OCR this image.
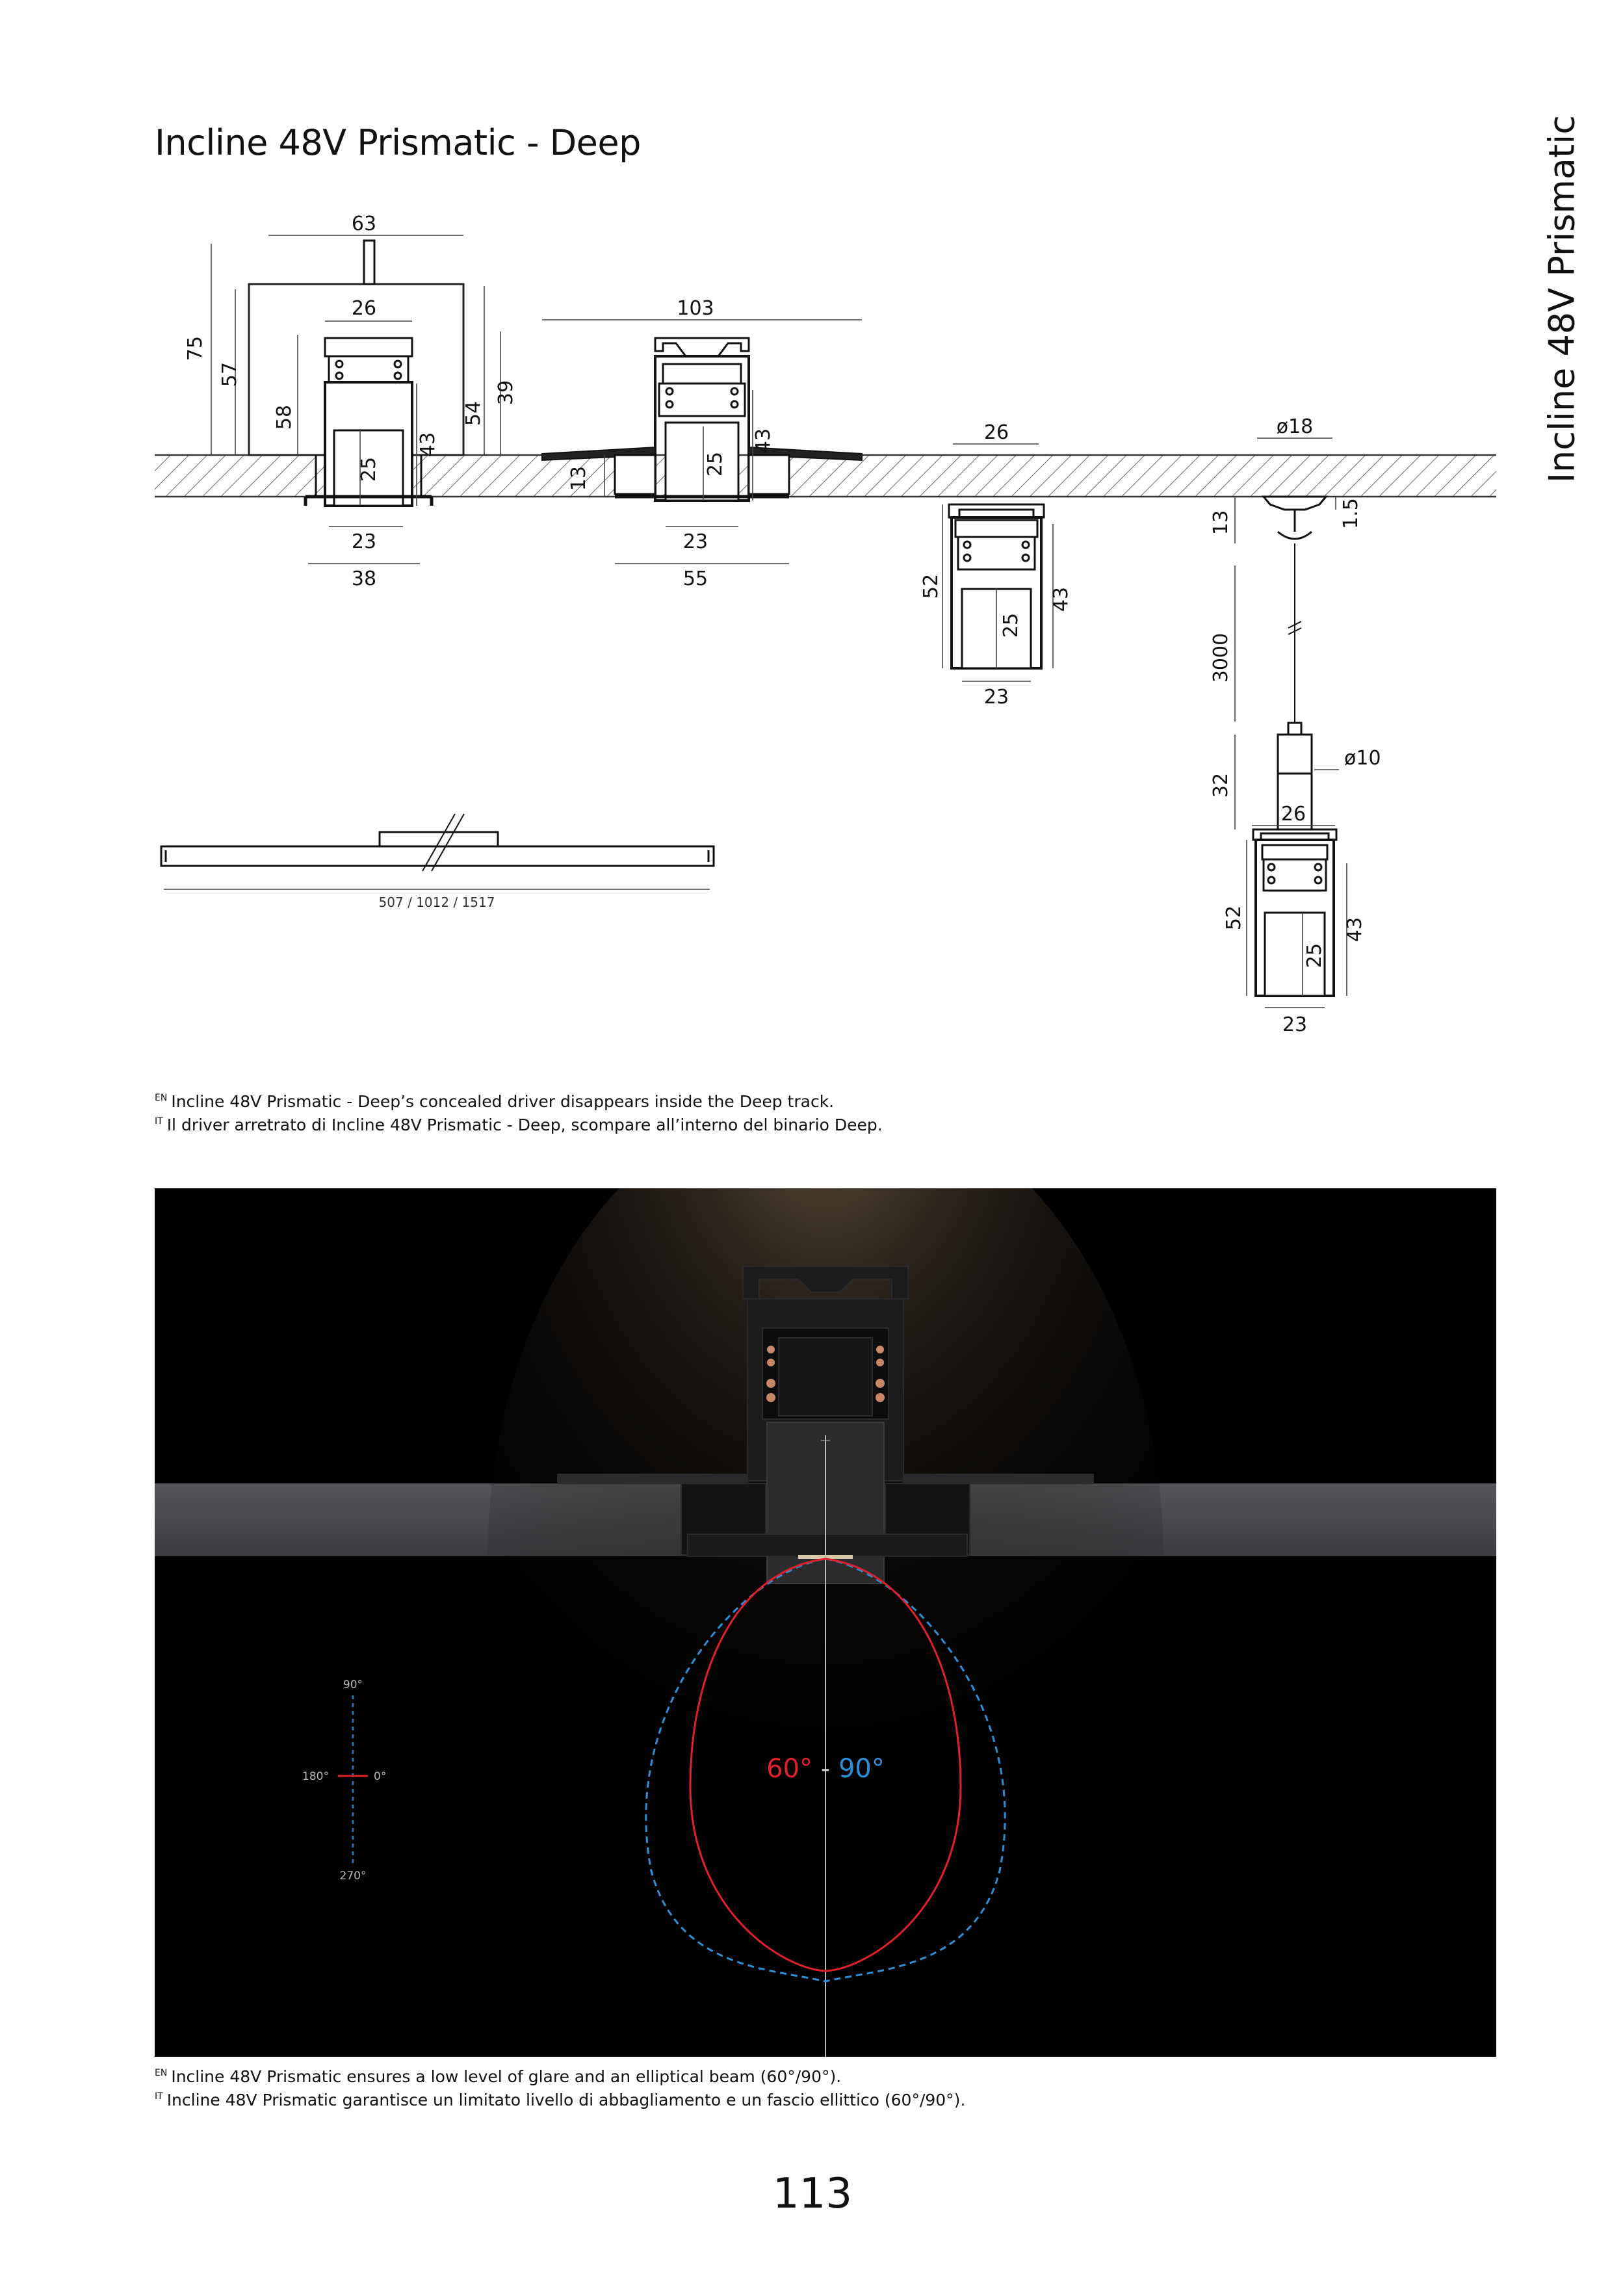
Incline 48V Prismatic - Deep	Incline 48V Prismatic
63
26
75
57
58
25
43
54
39
23
38
103
43
25
13
23
55
26
52
25
43
23
ø18
1.5
13
3000
ø10
32
26
52	43
25
23
507 / 1012 / 1517
$^{EN}$ Incline 48V Prismatic - Deep’s concealed driver disappears inside the Deep track.
$^{IT}$ Il driver arretrato di Incline 48V Prismatic - Deep, scompare all’interno del binario Deep.
+
60° - 90°
90°
180°	0°
270°
$^{EN}$ Incline 48V Prismatic ensures a low level of glare and an elliptical beam (60°/90°).
$^{IT}$ Incline 48V Prismatic garantisce un limitato livello di abbagliamento e un fascio ellittico (60°/90°).
113
